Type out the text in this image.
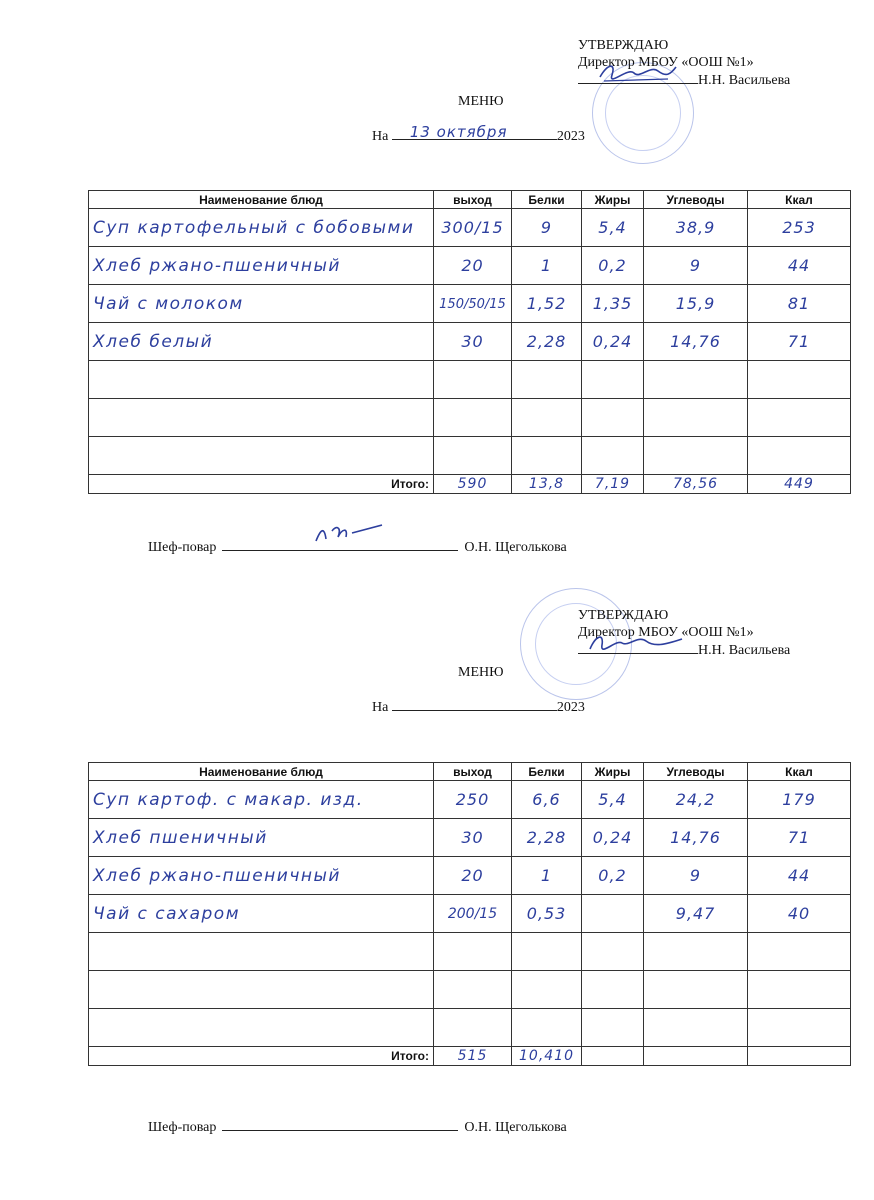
УТВЕРЖДАЮ
Директор МБОУ «ООШ №1»
Н.Н. Васильева
МЕНЮ
На 13 октября	2023
Наименование блюд	выход	Белки	Жиры	Углеводы	Ккал
Суп картофельный с бобовыми	300/15	9	5,4	38,9	253
Хлеб ржано-пшеничный	20	1	0,2	9	44
Чай с молоком	150/50/15	1,52	1,35	15,9	81
Хлеб белый	30	2,28	0,24	14,76	71

Итого:	590	13,8	7,19	78,56	449
Шеф-повар	О.Н. Щеголькова
УТВЕРЖДАЮ
Директор МБОУ «ООШ №1»
Н.Н. Васильева
МЕНЮ
На	2023
Наименование блюд	выход	Белки	Жиры	Углеводы	Ккал
Суп картоф. с макар. изд.	250	6,6	5,4	24,2	179
Хлеб пшеничный	30	2,28	0,24	14,76	71
Хлеб ржано-пшеничный	20	1	0,2	9	44
Чай с сахаром	200/15	0,53		9,47	40

Итого:	515	10,410			
Шеф-повар	О.Н. Щеголькова
